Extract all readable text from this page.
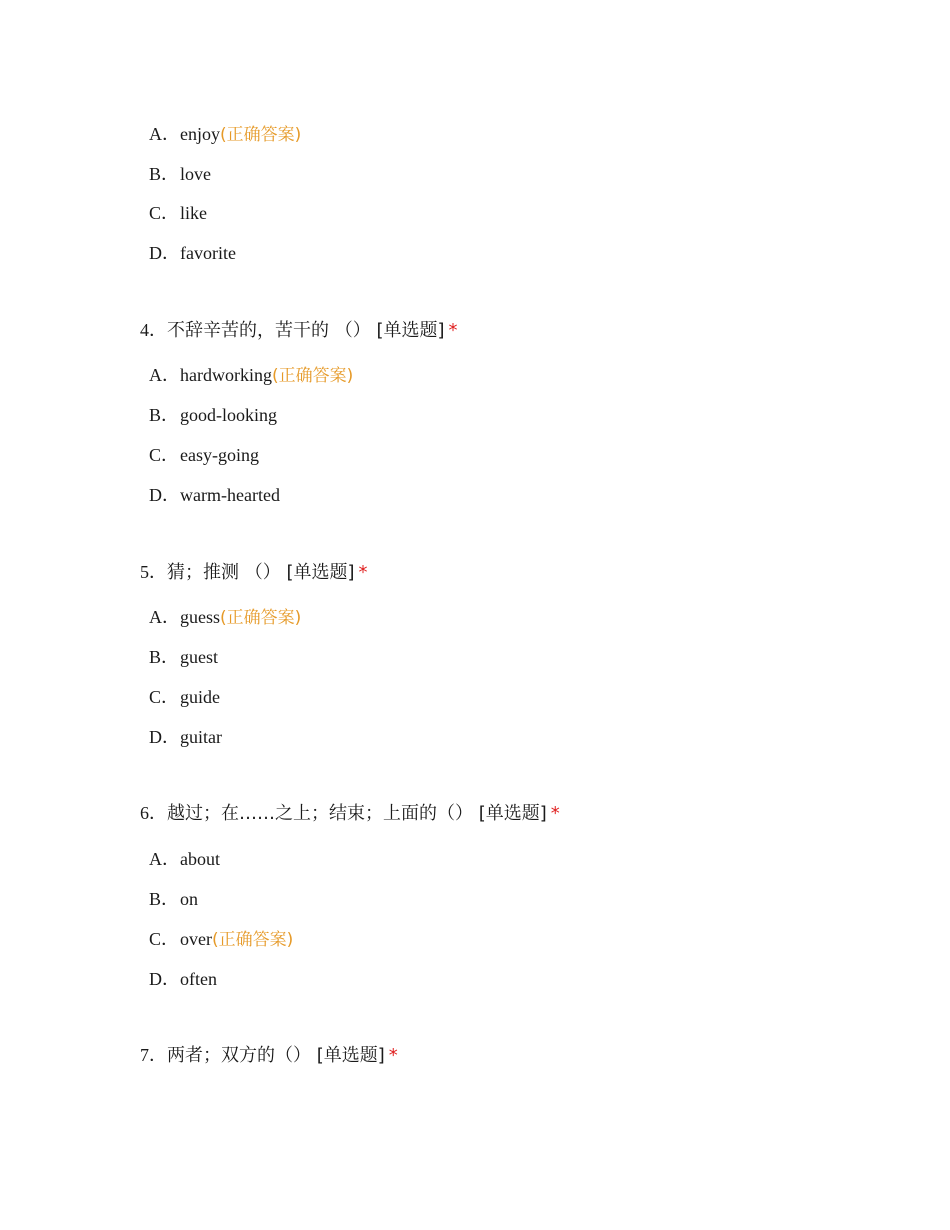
A．enjoy(正确答案)
B．love
C．like
D．favorite
4．不辞辛苦的，苦干的 （） [单选题] *
A．hardworking(正确答案)
B．good-looking
C．easy-going
D．warm-hearted
5．猜；推测 （） [单选题] *
A．guess(正确答案)
B．guest
C．guide
D．guitar
6．越过；在……之上；结束；上面的（） [单选题] *
A．about
B．on
C．over(正确答案)
D．often
7．两者；双方的（） [单选题] *
